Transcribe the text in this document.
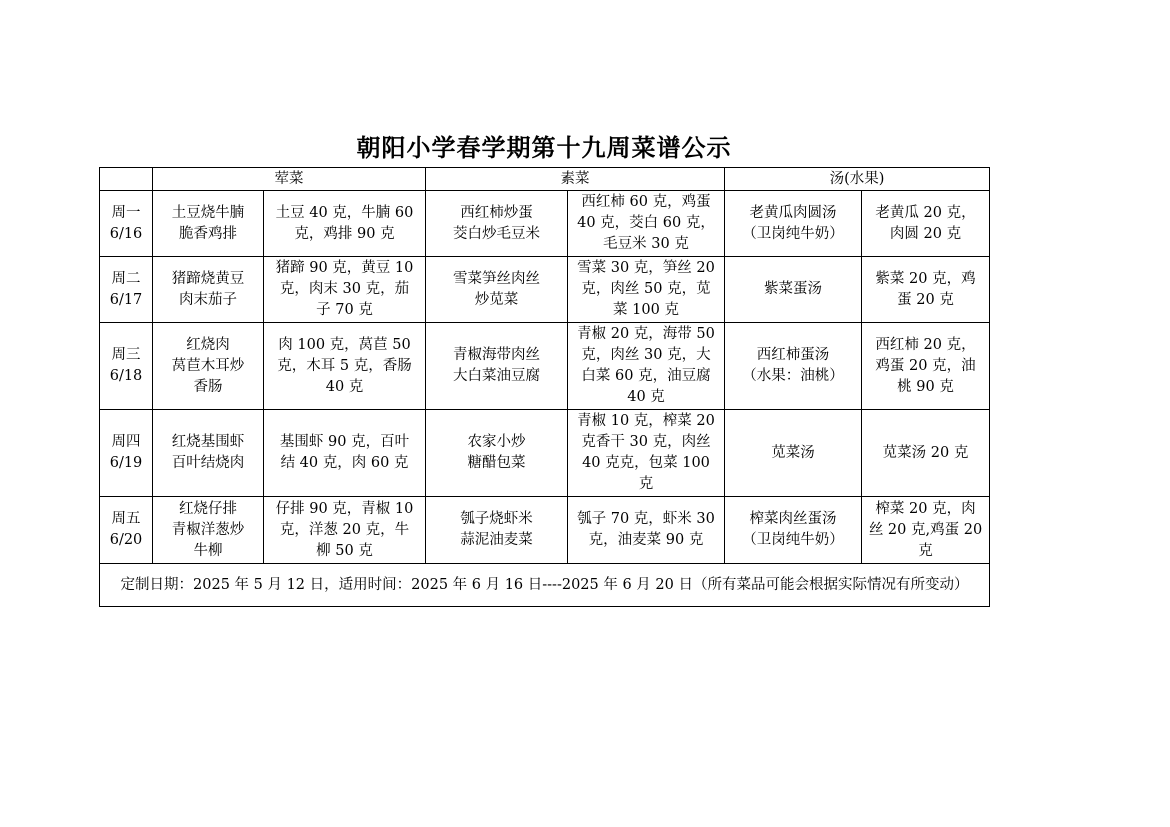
朝阳小学春学期第十九周菜谱公示
	荤菜		素菜		汤(水果)	

周一
6/16	土豆烧牛腩
脆香鸡排	土豆 40 克，牛腩 60
克，鸡排 90 克	西红柿炒蛋
茭白炒毛豆米	西红柿 60 克，鸡蛋
40 克，茭白 60 克，
毛豆米 30 克	老黄瓜肉圆汤
（卫岗纯牛奶）	老黄瓜 20 克，
肉圆 20 克

周二
6/17	猪蹄烧黄豆
肉末茄子	猪蹄 90 克，黄豆 10
克，肉末 30 克，茄
子 70 克	雪菜笋丝肉丝
炒苋菜	雪菜 30 克，笋丝 20
克，肉丝 50 克，苋
菜 100 克	紫菜蛋汤	紫菜 20 克，鸡
蛋 20 克

周三
6/18	红烧肉
莴苣木耳炒
香肠	肉 100 克，莴苣 50
克，木耳 5 克，香肠
40 克	青椒海带肉丝
大白菜油豆腐	青椒 20 克，海带 50
克，肉丝 30 克，大
白菜 60 克，油豆腐
40 克	西红柿蛋汤
（水果：油桃）	西红柿 20 克，
鸡蛋 20 克，油
桃 90 克

周四
6/19	红烧基围虾
百叶结烧肉	基围虾 90 克，百叶
结 40 克，肉 60 克	农家小炒
糖醋包菜	青椒 10 克，榨菜 20
克香干 30 克，肉丝
40 克克，包菜 100
克	苋菜汤	苋菜汤 20 克

周五
6/20	红烧仔排
青椒洋葱炒
牛柳	仔排 90 克，青椒 10
克，洋葱 20 克，牛
柳 50 克	瓠子烧虾米
蒜泥油麦菜	瓠子 70 克，虾米 30
克，油麦菜 90 克	榨菜肉丝蛋汤
（卫岗纯牛奶）	榨菜 20 克，肉
丝 20 克,鸡蛋 20
克

定制日期：2025 年 5 月 12 日，适用时间：2025 年 6 月 16 日----2025 年 6 月 20 日（所有菜品可能会根据实际情况有所变动）						
